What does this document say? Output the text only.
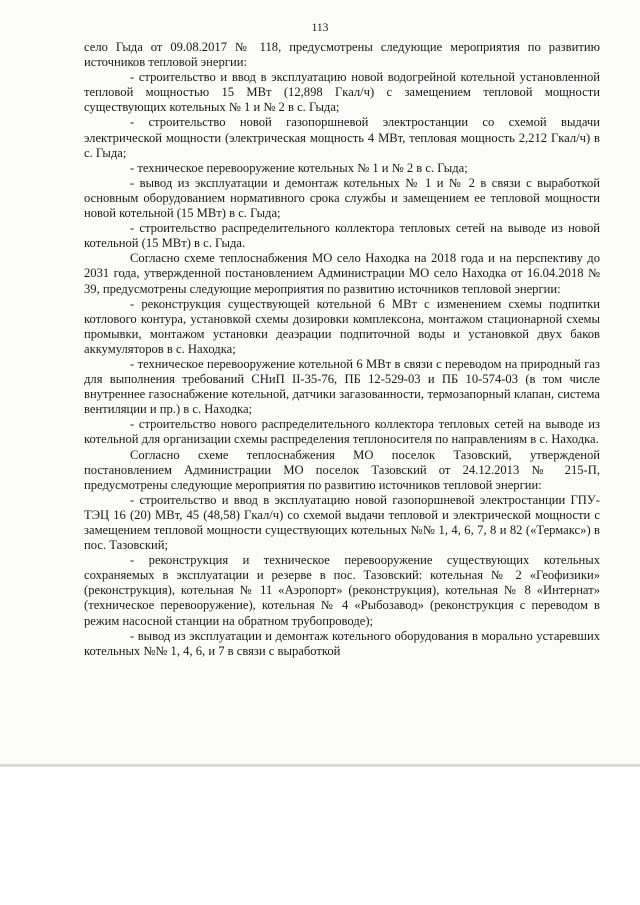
113

село Гыда от 09.08.2017 № 118, предусмотрены следующие мероприятия по развитию источников тепловой энергии:

- строительство и ввод в эксплуатацию новой водогрейной котельной установленной тепловой мощностью 15 МВт (12,898 Гкал/ч) с замещением тепловой мощности существующих котельных № 1 и № 2 в с. Гыда;

- строительство новой газопоршневой электростанции со схемой выдачи электрической мощности (электрическая мощность 4 МВт, тепловая мощность 2,212 Гкал/ч) в с. Гыда;

- техническое перевооружение котельных № 1 и № 2 в с. Гыда;

- вывод из эксплуатации и демонтаж котельных № 1 и № 2 в связи с выработкой основным оборудованием нормативного срока службы и замещением ее тепловой мощности новой котельной (15 МВт) в с. Гыда;

- строительство распределительного коллектора тепловых сетей на выводе из новой котельной (15 МВт) в с. Гыда.

Согласно схеме теплоснабжения МО село Находка на 2018 года и на перспективу до 2031 года, утвержденной постановлением Администрации МО село Находка от 16.04.2018 № 39, предусмотрены следующие мероприятия по развитию источников тепловой энергии:

- реконструкция существующей котельной 6 МВт с изменением схемы подпитки котлового контура, установкой схемы дозировки комплексона, монтажом стационарной схемы промывки, монтажом установки деаэрации подпиточной воды и установкой двух баков аккумуляторов в с. Находка;

- техническое перевооружение котельной 6 МВт в связи с переводом на природный газ для выполнения требований СНиП II-35-76, ПБ 12-529-03 и ПБ 10-574-03 (в том числе внутреннее газоснабжение котельной, датчики загазованности, термозапорный клапан, система вентиляции и пр.) в с. Находка;

- строительство нового распределительного коллектора тепловых сетей на выводе из котельной для организации схемы распределения теплоносителя по направлениям в с. Находка.

Согласно схеме теплоснабжения МО поселок Тазовский, утвержденой постановлением Администрации МО поселок Тазовский от 24.12.2013 № 215-П, предусмотрены следующие мероприятия по развитию источников тепловой энергии:

- строительство и ввод в эксплуатацию новой газопоршневой электростанции ГПУ-ТЭЦ 16 (20) МВт, 45 (48,58) Гкал/ч) со схемой выдачи тепловой и электрической мощности с замещением тепловой мощности существующих котельных №№ 1, 4, 6, 7, 8 и 82 («Термакс») в пос. Тазовский;

- реконструкция и техническое перевооружение существующих котельных сохраняемых в эксплуатации и резерве в пос. Тазовский: котельная № 2 «Геофизики» (реконструкция), котельная № 11 «Аэропорт» (реконструкция), котельная № 8 «Интернат» (техническое перевооружение), котельная № 4 «Рыбозавод» (реконструкция с переводом в режим насосной станции на обратном трубопроводе);

- вывод из эксплуатации и демонтаж котельного оборудования в морально устаревших котельных №№ 1, 4, 6, и 7 в связи с выработкой
